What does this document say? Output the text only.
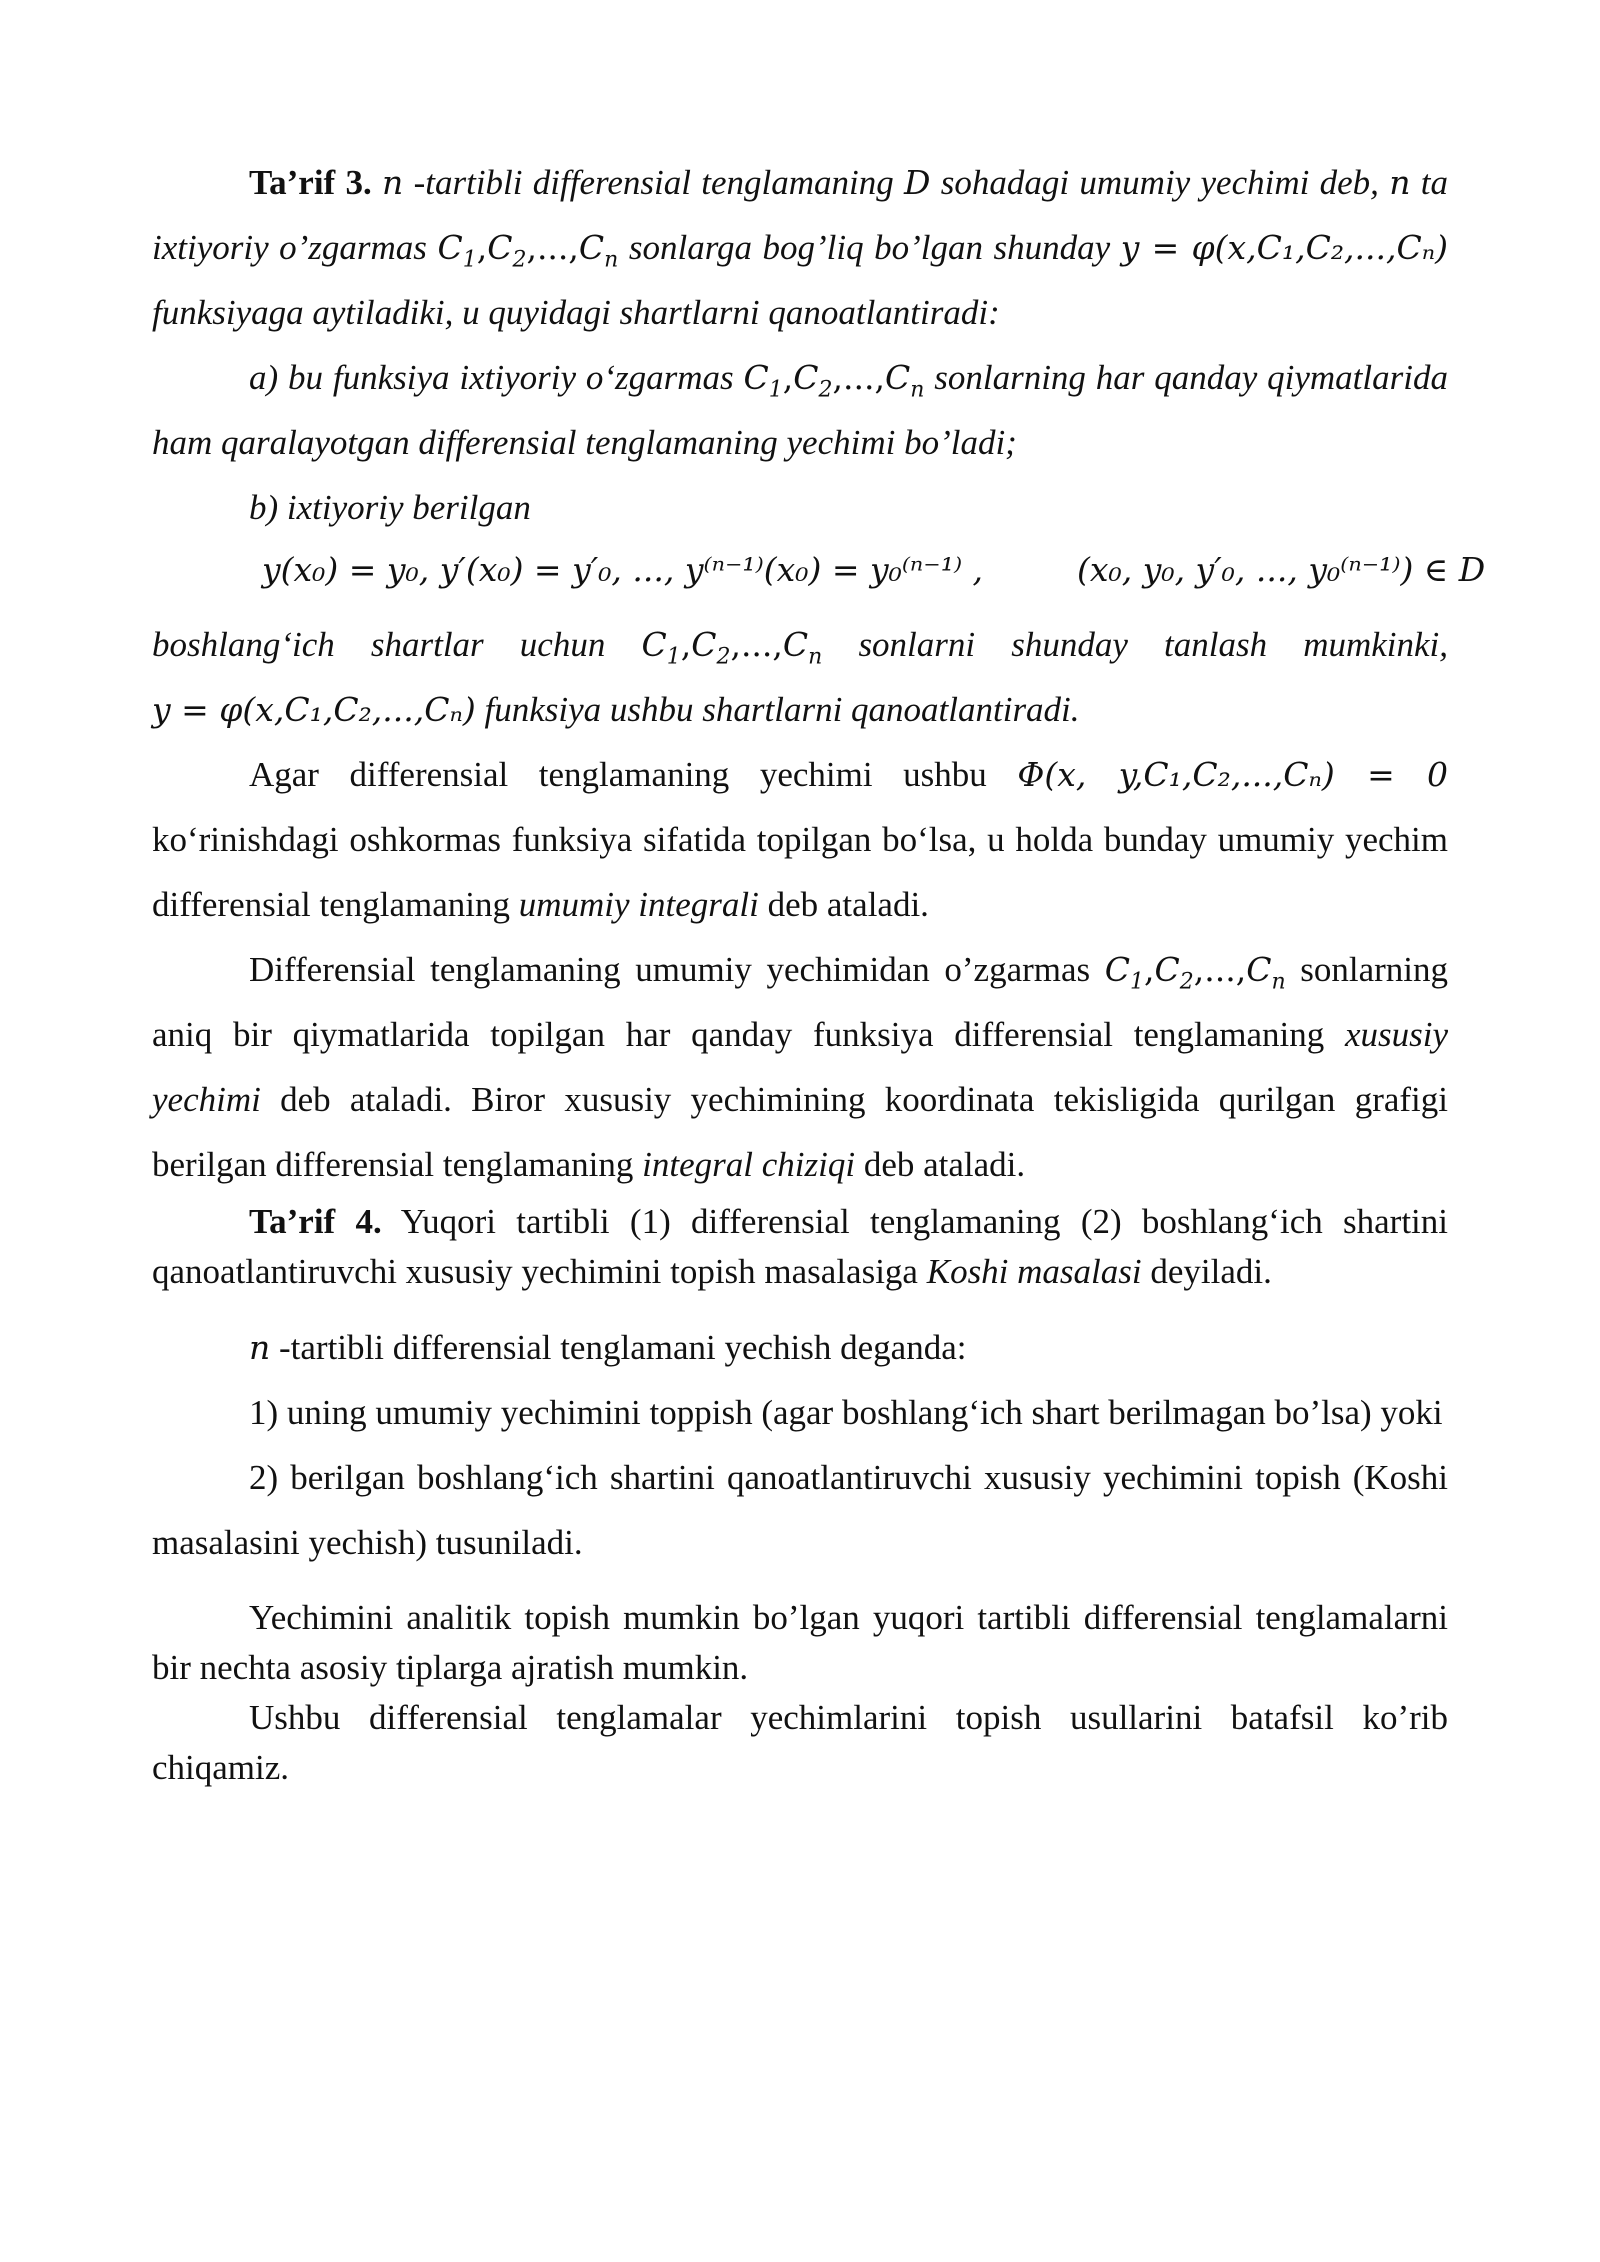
Ta’rif 3. n -tartibli differensial tenglamaning D sohadagi umumiy yechimi deb, n ta ixtiyoriy o’zgarmas $C_1,C_2,...,C_n$ sonlarga bog’liq bo’lgan shunday y = φ(x,C₁,C₂,...,Cₙ) funksiyaga aytiladiki, u quyidagi shartlarni qanoatlantiradi:

a) bu funksiya ixtiyoriy o‘zgarmas $C_1,C_2,...,C_n$ sonlarning har qanday qiymatlarida ham qaralayotgan differensial tenglamaning yechimi bo’ladi;

b) ixtiyoriy berilgan

y(x₀) = y₀, y′(x₀) = y′₀, ..., y⁽ⁿ⁻¹⁾(x₀) = y₀⁽ⁿ⁻¹⁾ ,	(x₀, y₀, y′₀, ..., y₀⁽ⁿ⁻¹⁾) ∈ D

boshlang‘ich shartlar uchun $C_1,C_2,...,C_n$ sonlarni shunday tanlash mumkinki, y = φ(x,C₁,C₂,...,Cₙ) funksiya ushbu shartlarni qanoatlantiradi.

Agar differensial tenglamaning yechimi ushbu Φ(x, y,C₁,C₂,...,Cₙ) = 0 ko‘rinishdagi oshkormas funksiya sifatida topilgan bo‘lsa, u holda bunday umumiy yechim differensial tenglamaning umumiy integrali deb ataladi.

Differensial tenglamaning umumiy yechimidan o’zgarmas $C_1,C_2,...,C_n$ sonlarning aniq bir qiymatlarida topilgan har qanday funksiya differensial tenglamaning xususiy yechimi deb ataladi. Biror xususiy yechimining koordinata tekisligida qurilgan grafigi berilgan differensial tenglamaning integral chiziqi deb ataladi.

Ta’rif 4. Yuqori tartibli (1) differensial tenglamaning (2) boshlang‘ich shartini qanoatlantiruvchi xususiy yechimini topish masalasiga Koshi masalasi deyiladi.

n -tartibli differensial tenglamani yechish deganda:

1) uning umumiy yechimini toppish (agar boshlang‘ich shart berilmagan bo’lsa) yoki

2) berilgan boshlang‘ich shartini qanoatlantiruvchi xususiy yechimini topish (Koshi masalasini yechish) tusuniladi.

Yechimini analitik topish mumkin bo’lgan yuqori tartibli differensial tenglamalarni bir nechta asosiy tiplarga ajratish mumkin.

Ushbu differensial tenglamalar yechimlarini topish usullarini batafsil ko’rib chiqamiz.
